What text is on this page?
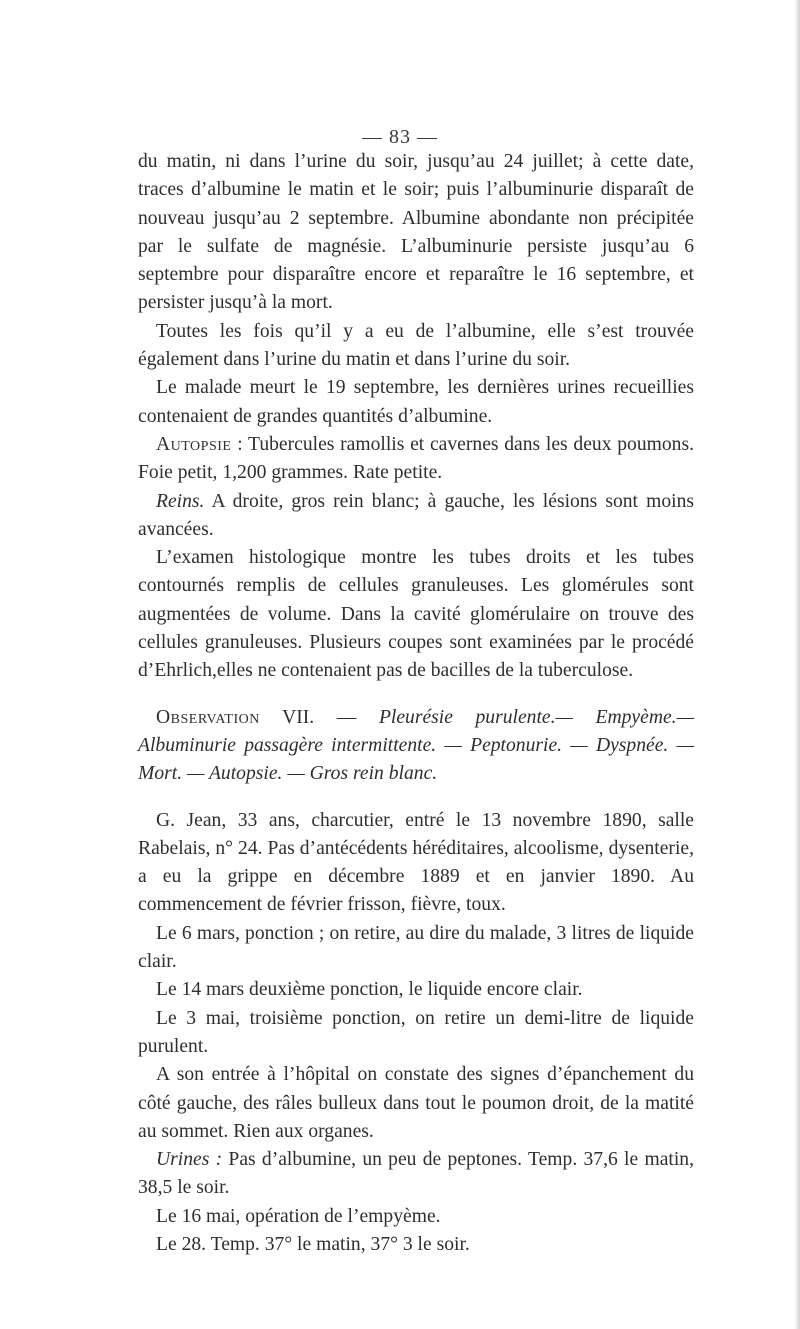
— 83 —

du matin, ni dans l’urine du soir, jusqu’au 24 juillet; à cette date, traces d’albumine le matin et le soir; puis l’albuminurie disparaît de nouveau jusqu’au 2 septembre. Albumine abondante non précipitée par le sulfate de magnésie. L’albuminurie persiste jusqu’au 6 septembre pour disparaître encore et reparaître le 16 septembre, et persister jusqu’à la mort.

Toutes les fois qu’il y a eu de l’albumine, elle s’est trouvée également dans l’urine du matin et dans l’urine du soir.

Le malade meurt le 19 septembre, les dernières urines recueillies contenaient de grandes quantités d’albumine.

Autopsie : Tubercules ramollis et cavernes dans les deux poumons. Foie petit, 1,200 grammes. Rate petite.

Reins. A droite, gros rein blanc; à gauche, les lésions sont moins avancées.

L’examen histologique montre les tubes droits et les tubes contournés remplis de cellules granuleuses. Les glomérules sont augmentées de volume. Dans la cavité glomérulaire on trouve des cellules granuleuses. Plusieurs coupes sont examinées par le procédé d’Ehrlich,elles ne contenaient pas de bacilles de la tuberculose.

Observation VII. — Pleurésie purulente.— Empyème.—Albuminurie passagère intermittente. — Peptonurie. — Dyspnée. — Mort. — Autopsie. — Gros rein blanc.

G. Jean, 33 ans, charcutier, entré le 13 novembre 1890, salle Rabelais, n° 24. Pas d’antécédents héréditaires, alcoolisme, dysenterie, a eu la grippe en décembre 1889 et en janvier 1890. Au commencement de février frisson, fièvre, toux.

Le 6 mars, ponction ; on retire, au dire du malade, 3 litres de liquide clair.

Le 14 mars deuxième ponction, le liquide encore clair.

Le 3 mai, troisième ponction, on retire un demi-litre de liquide purulent.

A son entrée à l’hôpital on constate des signes d’épanchement du côté gauche, des râles bulleux dans tout le poumon droit, de la matité au sommet. Rien aux organes.

Urines : Pas d’albumine, un peu de peptones. Temp. 37,6 le matin, 38,5 le soir.

Le 16 mai, opération de l’empyème.

Le 28. Temp. 37° le matin, 37° 3 le soir.
